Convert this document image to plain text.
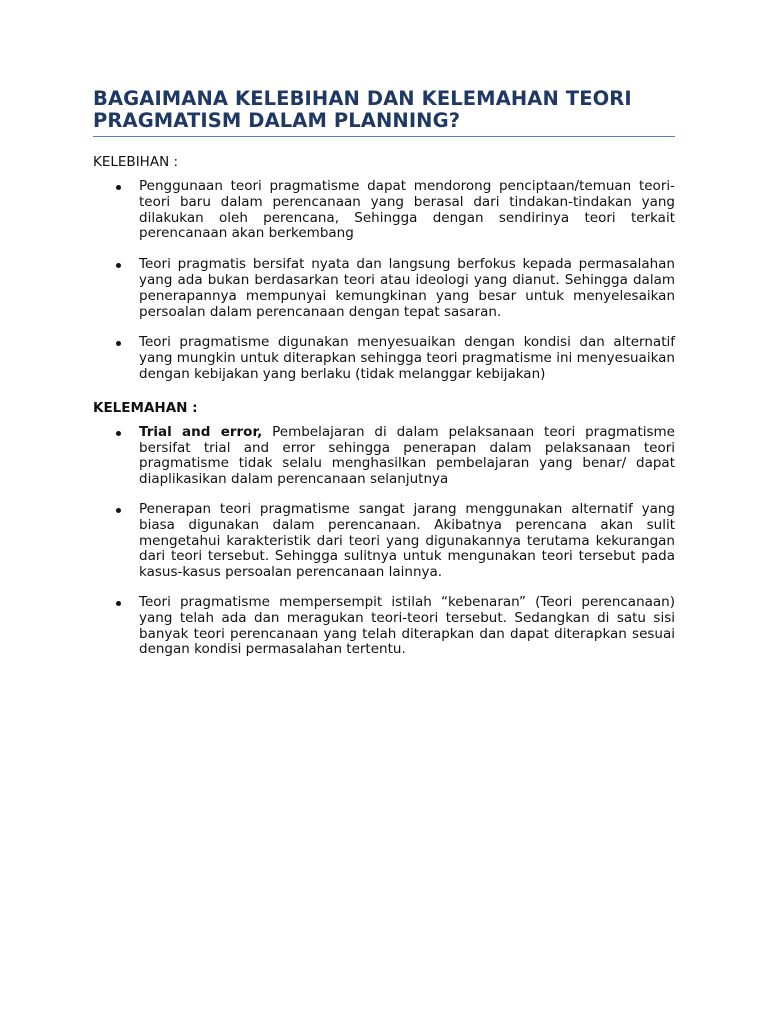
BAGAIMANA KELEBIHAN DAN KELEMAHAN TEORI
PRAGMATISM DALAM PLANNING?
KELEBIHAN :
Penggunaan teori pragmatisme dapat mendorong penciptaan/temuan teori-teori baru dalam perencanaan yang berasal dari tindakan-tindakan yang dilakukan oleh perencana, Sehingga dengan sendirinya teori terkait perencanaan akan berkembang
Teori pragmatis bersifat nyata dan langsung berfokus kepada permasalahan yang ada bukan berdasarkan teori atau ideologi yang dianut. Sehingga dalam penerapannya mempunyai kemungkinan yang besar untuk menyelesaikan persoalan dalam perencanaan dengan tepat sasaran.
Teori pragmatisme digunakan menyesuaikan dengan kondisi dan alternatif yang mungkin untuk diterapkan sehingga teori pragmatisme ini menyesuaikan dengan kebijakan yang berlaku (tidak melanggar kebijakan)
KELEMAHAN :
Trial and error, Pembelajaran di dalam pelaksanaan teori pragmatisme bersifat trial and error sehingga penerapan dalam pelaksanaan teori pragmatisme tidak selalu menghasilkan pembelajaran yang benar/ dapat diaplikasikan dalam perencanaan selanjutnya
Penerapan teori pragmatisme sangat jarang menggunakan alternatif yang biasa digunakan dalam perencanaan. Akibatnya perencana akan sulit mengetahui karakteristik dari teori yang digunakannya terutama kekurangan dari teori tersebut. Sehingga sulitnya untuk mengunakan teori tersebut pada kasus-kasus persoalan perencanaan lainnya.
Teori pragmatisme mempersempit istilah “kebenaran” (Teori perencanaan) yang telah ada dan meragukan teori-teori tersebut. Sedangkan di satu sisi banyak teori perencanaan yang telah diterapkan dan dapat diterapkan sesuai dengan kondisi permasalahan tertentu.
